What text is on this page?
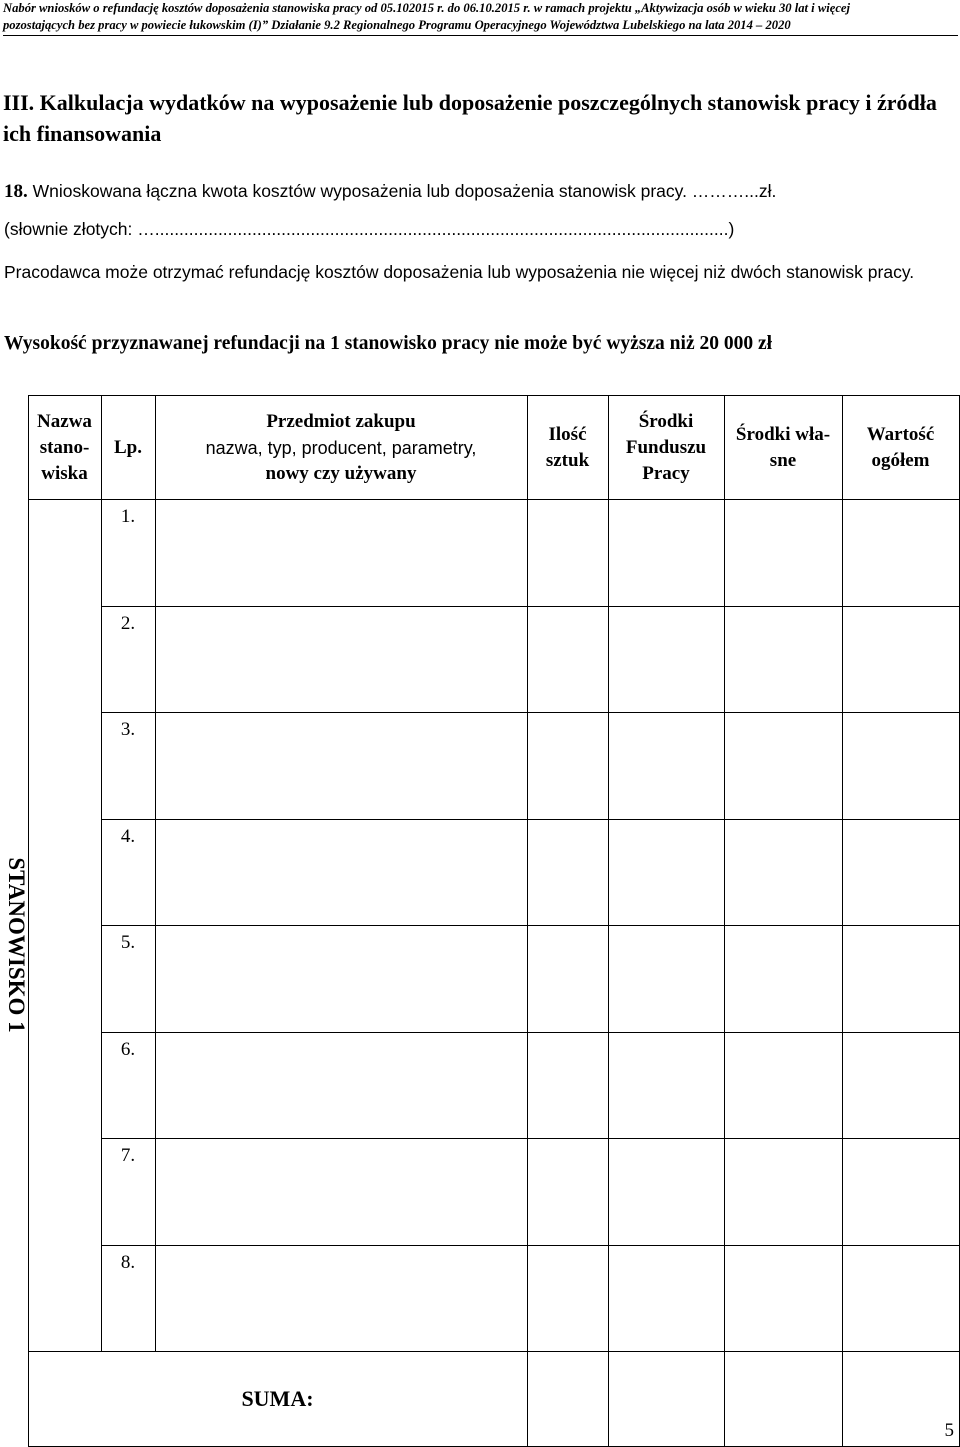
Nabór wniosków o refundację kosztów doposażenia stanowiska pracy od 05.102015 r. do 06.10.2015 r. w ramach projektu „Aktywizacja osób w wieku 30 lat i więcej
pozostających bez pracy w powiecie łukowskim (I)” Działanie 9.2 Regionalnego Programu Operacyjnego Województwa Lubelskiego na lata 2014 – 2020
III. Kalkulacja wydatków na wyposażenie lub doposażenie poszczególnych stanowisk pracy i źródła ich finansowania
18. Wnioskowana łączna kwota kosztów wyposażenia lub doposażenia stanowisk pracy. ………...zł.
(słownie złotych: …......................................................................................................................)
Pracodawca może otrzymać refundację kosztów doposażenia lub wyposażenia nie więcej niż dwóch stanowisk pracy.
Wysokość przyznawanej refundacji na 1 stanowisko pracy nie może być wyższa niż 20 000 zł

	Nazwa stano-wiska	Lp.	Przedmiot zakupu
nazwa, typ, producent, parametry,
nowy czy używany	Ilość sztuk	Środki Funduszu Pracy	Środki wła-sne	Wartość ogółem

		1.					
		2.					
		3.					
		4.					
		5.					
		6.					
		7.					
		8.					
	SUMA:						
STANOWISKO 1
5
